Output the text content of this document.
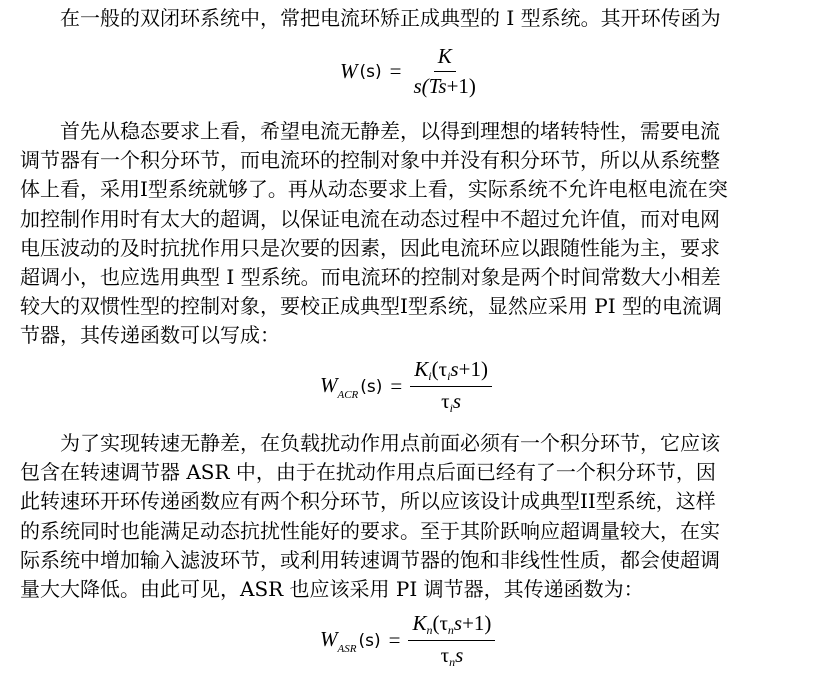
在一般的双闭环系统中，常把电流环矫正成典型的 I 型系统。其开环传函为

W $(s) = \frac{K}{s(Ts+1)}$
首先从稳态要求上看，希望电流无静差，以得到理想的堵转特性，需要电流
调节器有一个积分环节，而电流环的控制对象中并没有积分环节，所以从系统整
体上看，采用I型系统就够了。再从动态要求上看，实际系统不允许电枢电流在突
加控制作用时有太大的超调，以保证电流在动态过程中不超过允许值，而对电网
电压波动的及时抗扰作用只是次要的因素，因此电流环应以跟随性能为主，要求
超调小，也应选用典型 I 型系统。而电流环的控制对象是两个时间常数大小相差
较大的双惯性型的控制对象，要校正成典型I型系统，显然应采用 PI 型的电流调
节器，其传递函数可以写成：
$W_{ACR}$ $(s) = \frac{K_i(\tau_is+1)}{\tau_is}$
为了实现转速无静差，在负载扰动作用点前面必须有一个积分环节，它应该
包含在转速调节器 ASR 中，由于在扰动作用点后面已经有了一个积分环节，因
此转速环开环传递函数应有两个积分环节，所以应该设计成典型II型系统，这样
的系统同时也能满足动态抗扰性能好的要求。至于其阶跃响应超调量较大，在实
际系统中增加输入滤波环节，或利用转速调节器的饱和非线性性质，都会使超调
量大大降低。由此可见，ASR 也应该采用 PI 调节器，其传递函数为：
$W_{ASR}$ $(s) = \frac{K_n(\tau_ns+1)}{\tau_ns}$
